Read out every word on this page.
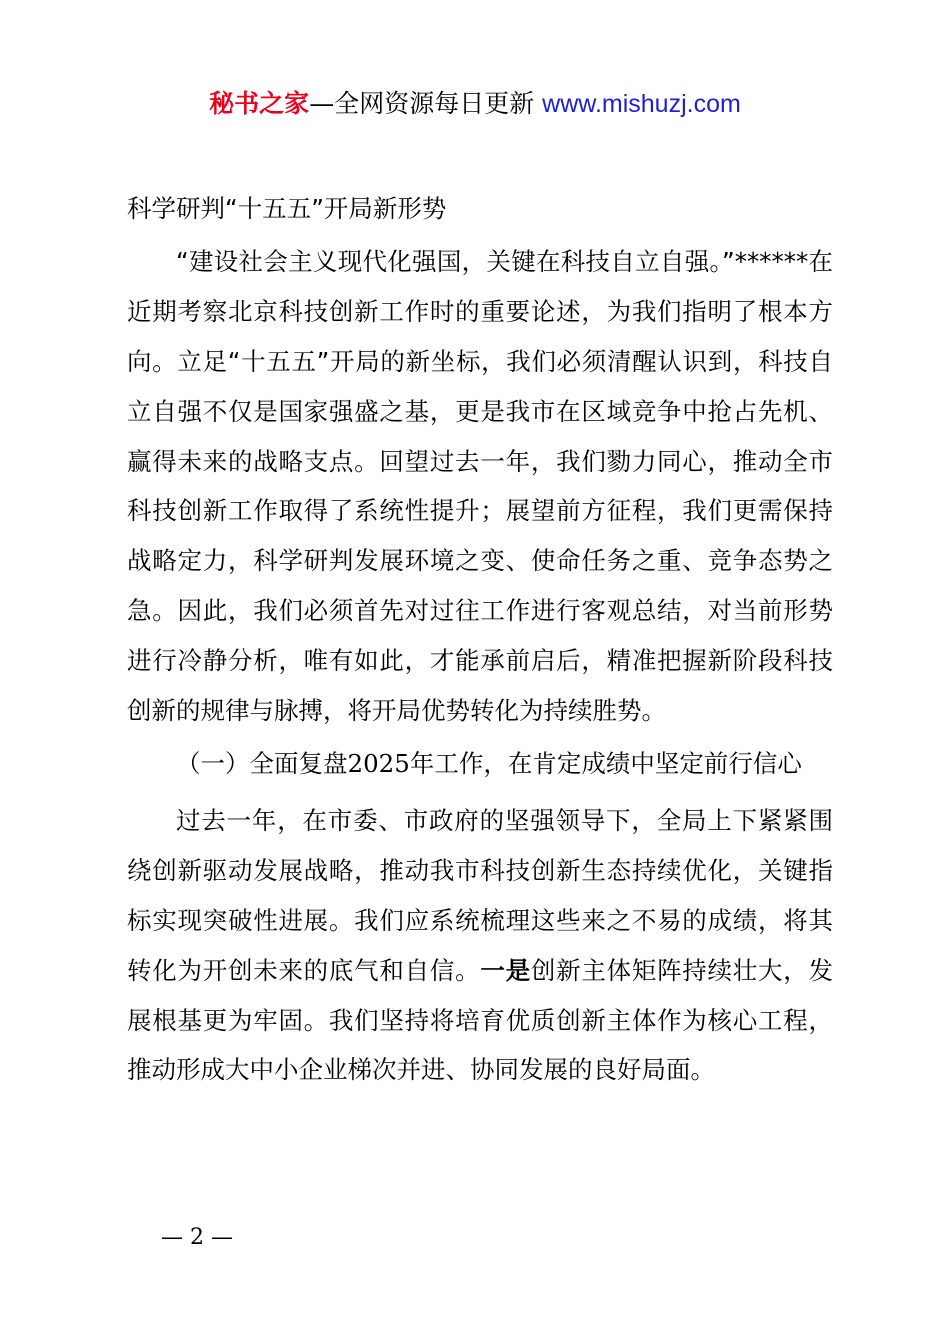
秘书之家—全网资源每日更新 www.mishuzj.com

科学研判“十五五”开局新形势

“建设社会主义现代化强国，关键在科技自立自强。”******在近期考察北京科技创新工作时的重要论述，为我们指明了根本方向。立足“十五五”开局的新坐标，我们必须清醒认识到，科技自立自强不仅是国家强盛之基，更是我市在区域竞争中抢占先机、赢得未来的战略支点。回望过去一年，我们勠力同心，推动全市科技创新工作取得了系统性提升；展望前方征程，我们更需保持战略定力，科学研判发展环境之变、使命任务之重、竞争态势之急。因此，我们必须首先对过往工作进行客观总结，对当前形势进行冷静分析，唯有如此，才能承前启后，精准把握新阶段科技创新的规律与脉搏，将开局优势转化为持续胜势。

（一）全面复盘2025年工作，在肯定成绩中坚定前行信心

过去一年，在市委、市政府的坚强领导下，全局上下紧紧围绕创新驱动发展战略，推动我市科技创新生态持续优化，关键指标实现突破性进展。我们应系统梳理这些来之不易的成绩，将其转化为开创未来的底气和自信。一是创新主体矩阵持续壮大，发展根基更为牢固。我们坚持将培育优质创新主体作为核心工程，推动形成大中小企业梯次并进、协同发展的良好局面。

— 2 —
